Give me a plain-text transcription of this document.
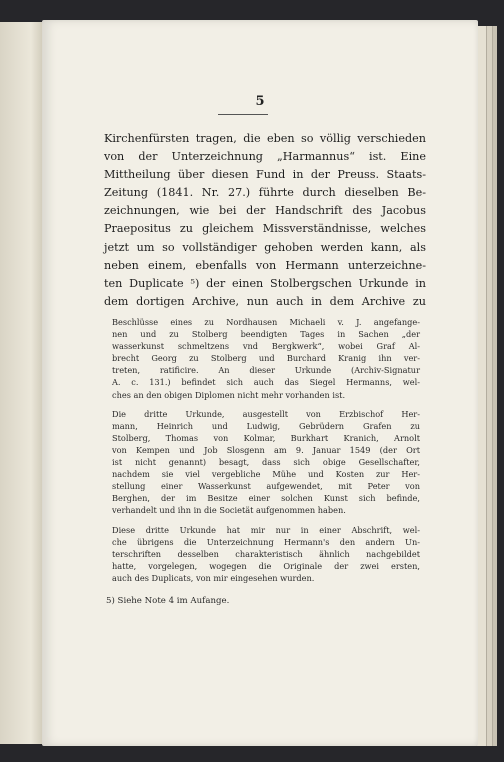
5
Kirchenfürsten tragen, die eben so völlig verschieden
von der Unterzeichnung „Harmannus“ ist. Eine
Mittheilung über diesen Fund in der Preuss. Staats-
Zeitung (1841. Nr. 27.) führte durch dieselben Be-
zeichnungen, wie bei der Handschrift des Jacobus
Praepositus zu gleichem Missverständnisse, welches
jetzt um so vollständiger gehoben werden kann, als
neben einem, ebenfalls von Hermann unterzeichne-
ten Duplicate ⁵) der einen Stolbergschen Urkunde in
dem dortigen Archive, nun auch in dem Archive zu

Beschlüsse eines zu Nordhausen Michaeli v. J. angefange-
nen und zu Stolberg beendigten Tages in Sachen „der
wasserkunst schmeltzens vnd Bergkwerk“, wobei Graf Al-
brecht Georg zu Stolberg und Burchard Kranig ihn ver-
treten, ratificire. An dieser Urkunde (Archiv-Signatur
A. c. 131.) befindet sich auch das Siegel Hermanns, wel-
ches an den obigen Diplomen nicht mehr vorhanden ist.

Die dritte Urkunde, ausgestellt von Erzbischof Her-
mann, Heinrich und Ludwig, Gebrüdern Grafen zu
Stolberg, Thomas von Kolmar, Burkhart Kranich, Arnolt
von Kempen und Job Slosgenn am 9. Januar 1549 (der Ort
ist nicht genannt) besagt, dass sich obige Gesellschafter,
nachdem sie viel vergebliche Mühe und Kosten zur Her-
stellung einer Wasserkunst aufgewendet, mit Peter von
Berghen, der im Besitze einer solchen Kunst sich befinde,
verhandelt und ihn in die Societät aufgenommen haben.

Diese dritte Urkunde hat mir nur in einer Abschrift, wel-
che übrigens die Unterzeichnung Hermann's den andern Un-
terschriften desselben charakteristisch ähnlich nachgebildet
hatte, vorgelegen, wogegen die Originale der zwei ersten,
auch des Duplicats, von mir eingesehen wurden.

5) Siehe Note 4 im Aufange.
